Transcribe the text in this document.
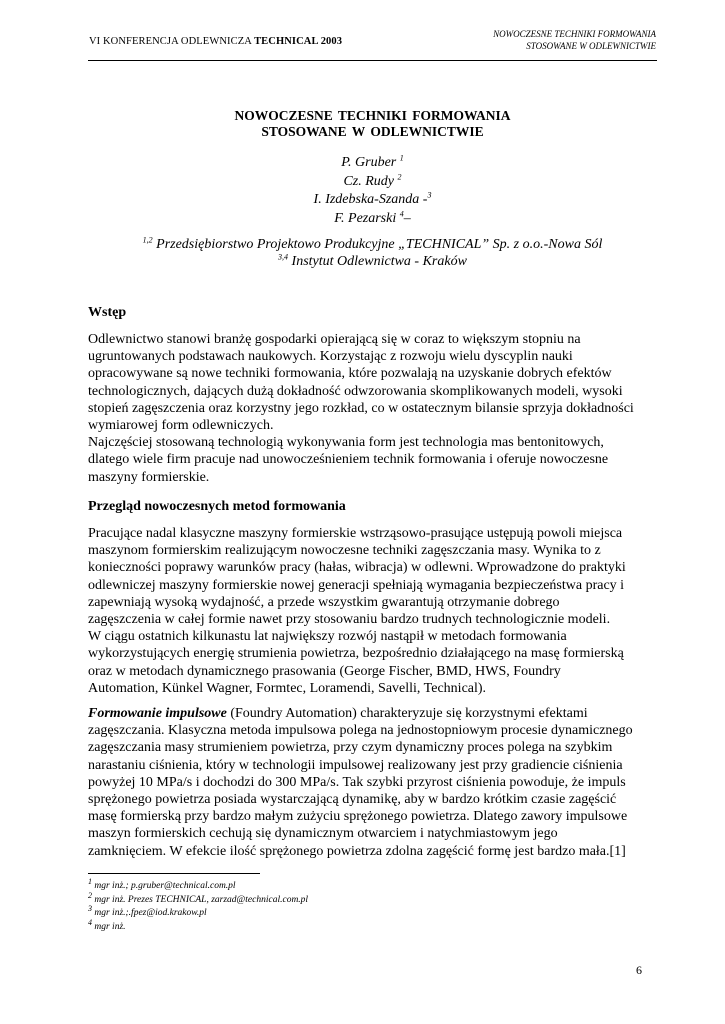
VI KONFERENCJA ODLEWNICZA TECHNICAL 2003
NOWOCZESNE TECHNIKI FORMOWANIA
STOSOWANE W ODLEWNICTWIE
NOWOCZESNE TECHNIKI FORMOWANIA
STOSOWANE W ODLEWNICTWIE
P. Gruber $^1$
Cz. Rudy $^2$
I. Izdebska-Szanda -$^3$
F. Pezarski $^4$–
$^{1,2}$ Przedsiębiorstwo Projektowo Produkcyjne „TECHNICAL” Sp. z o.o.-Nowa Sól
$^{3,4}$ Instytut Odlewnictwa - Kraków
Wstęp
Odlewnictwo stanowi branżę gospodarki opierającą się w coraz to większym stopniu na
ugruntowanych podstawach naukowych. Korzystając z rozwoju wielu dyscyplin nauki
opracowywane są nowe techniki formowania, które pozwalają na uzyskanie dobrych efektów
technologicznych, dających dużą dokładność odwzorowania skomplikowanych modeli, wysoki
stopień zagęszczenia oraz korzystny jego rozkład, co w ostatecznym bilansie sprzyja dokładności
wymiarowej form odlewniczych.
Najczęściej stosowaną technologią wykonywania form jest technologia mas bentonitowych,
dlatego wiele firm pracuje nad unowocześnieniem technik formowania i oferuje nowoczesne
maszyny formierskie.
Przegląd nowoczesnych metod formowania
Pracujące nadal klasyczne maszyny formierskie wstrząsowo-prasujące ustępują powoli miejsca
maszynom formierskim realizującym nowoczesne techniki zagęszczania masy. Wynika to z
konieczności poprawy warunków pracy (hałas, wibracja) w odlewni. Wprowadzone do praktyki
odlewniczej maszyny formierskie nowej generacji spełniają wymagania bezpieczeństwa pracy i
zapewniają wysoką wydajność, a przede wszystkim gwarantują otrzymanie dobrego
zagęszczenia w całej formie nawet przy stosowaniu bardzo trudnych technologicznie modeli.
W ciągu ostatnich kilkunastu lat największy rozwój nastąpił w metodach formowania
wykorzystujących energię strumienia powietrza, bezpośrednio działającego na masę formierską
oraz w metodach dynamicznego prasowania (George Fischer, BMD, HWS, Foundry
Automation, Künkel Wagner, Formtec, Loramendi, Savelli, Technical).
Formowanie impulsowe (Foundry Automation) charakteryzuje się korzystnymi efektami
zagęszczania. Klasyczna metoda impulsowa polega na jednostopniowym procesie dynamicznego
zagęszczania masy strumieniem powietrza, przy czym dynamiczny proces polega na szybkim
narastaniu ciśnienia, który w technologii impulsowej realizowany jest przy gradiencie ciśnienia
powyżej 10 MPa/s i dochodzi do 300 MPa/s. Tak szybki przyrost ciśnienia powoduje, że impuls
sprężonego powietrza posiada wystarczającą dynamikę, aby w bardzo krótkim czasie zagęścić
masę formierską przy bardzo małym zużyciu sprężonego powietrza. Dlatego zawory impulsowe
maszyn formierskich cechują się dynamicznym otwarciem i natychmiastowym jego
zamknięciem. W efekcie ilość sprężonego powietrza zdolna zagęścić formę jest bardzo mała.[1]
$^1$ mgr inż.; p.gruber@technical.com.pl
$^2$ mgr inż. Prezes TECHNICAL, zarzad@technical.com.pl
$^3$ mgr inż.;.fpez@iod.krakow.pl
$^4$ mgr inż.
6
